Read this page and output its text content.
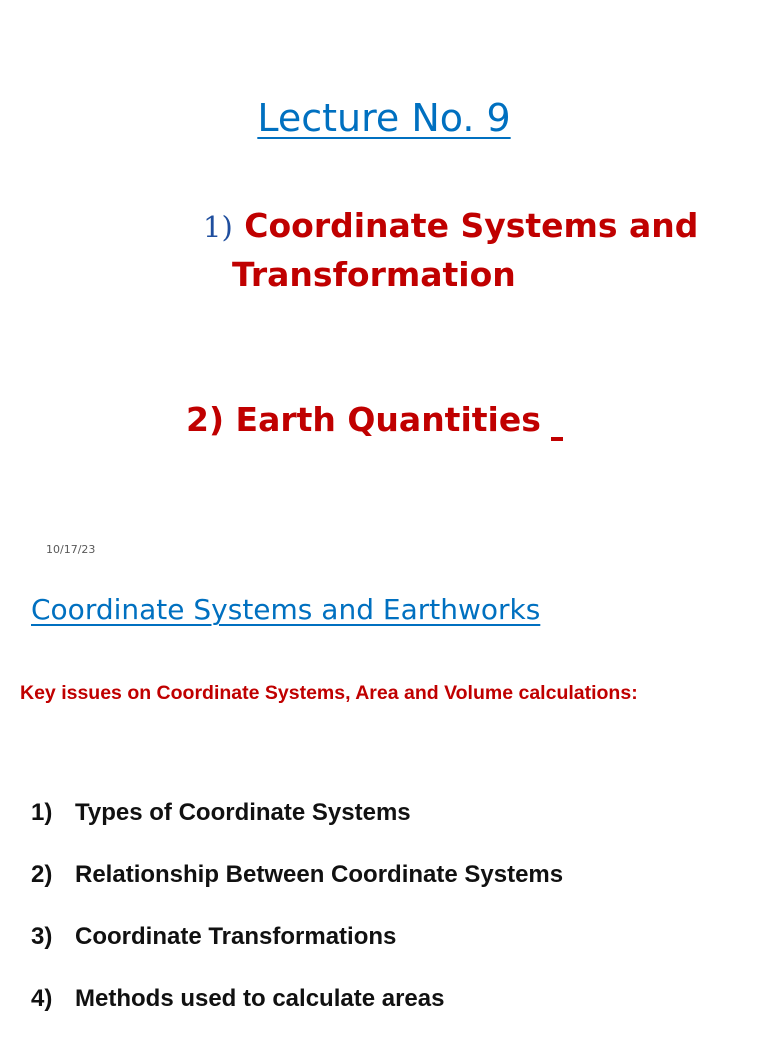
Lecture No. 9
1) Coordinate Systems and
Transformation
2) Earth Quantities
10/17/23
Coordinate Systems and Earthworks
Key issues on Coordinate Systems, Area and Volume calculations:
1) Types of Coordinate Systems
2) Relationship Between Coordinate Systems
3) Coordinate Transformations
4) Methods used to calculate areas
